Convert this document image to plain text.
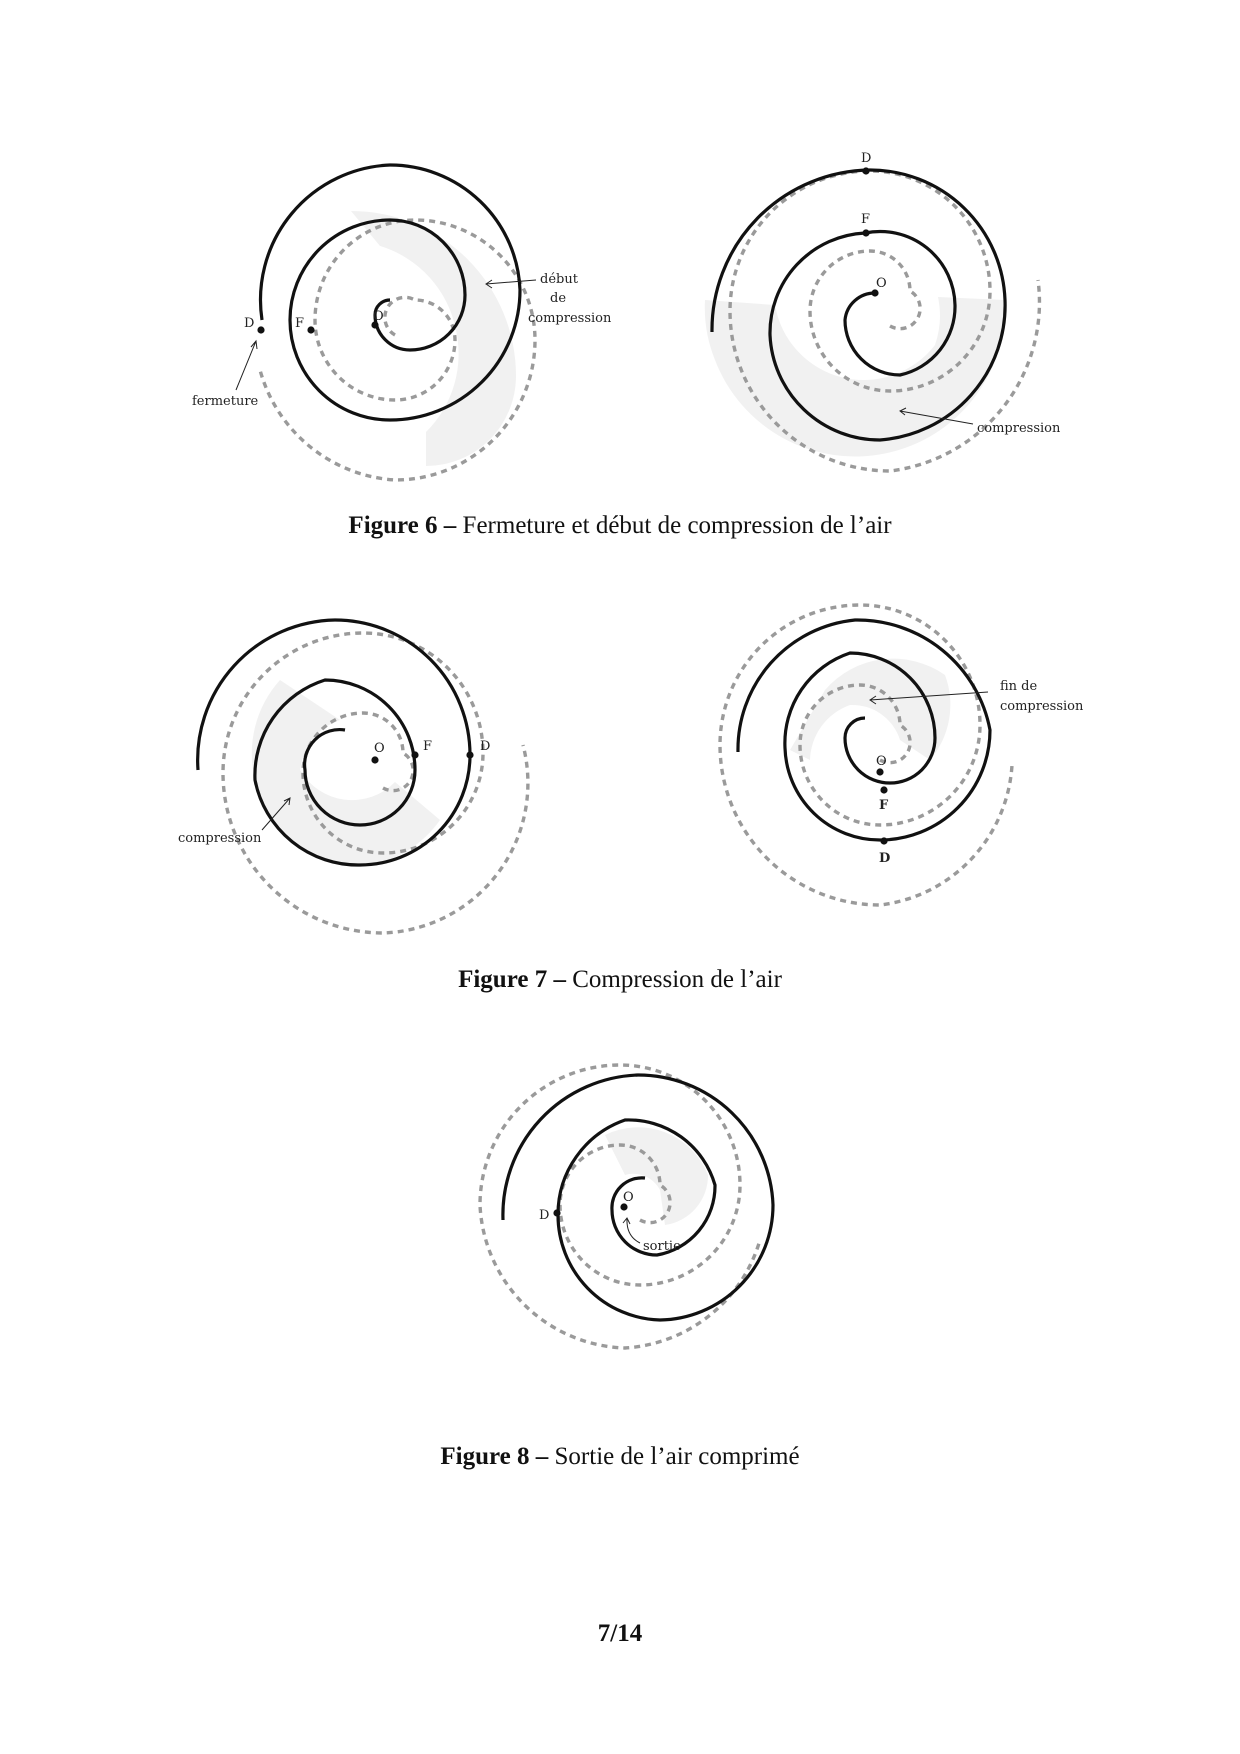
D	F	O
fermeture
début
de
compression
D
F
O
compression
Figure 6 – Fermeture et début de compression de l’air
D
F
O
compression
D
F
O
fin de
compression
Figure 7 – Compression de l’air
D
O
sortie
Figure 8 – Sortie de l’air comprimé
7/14
